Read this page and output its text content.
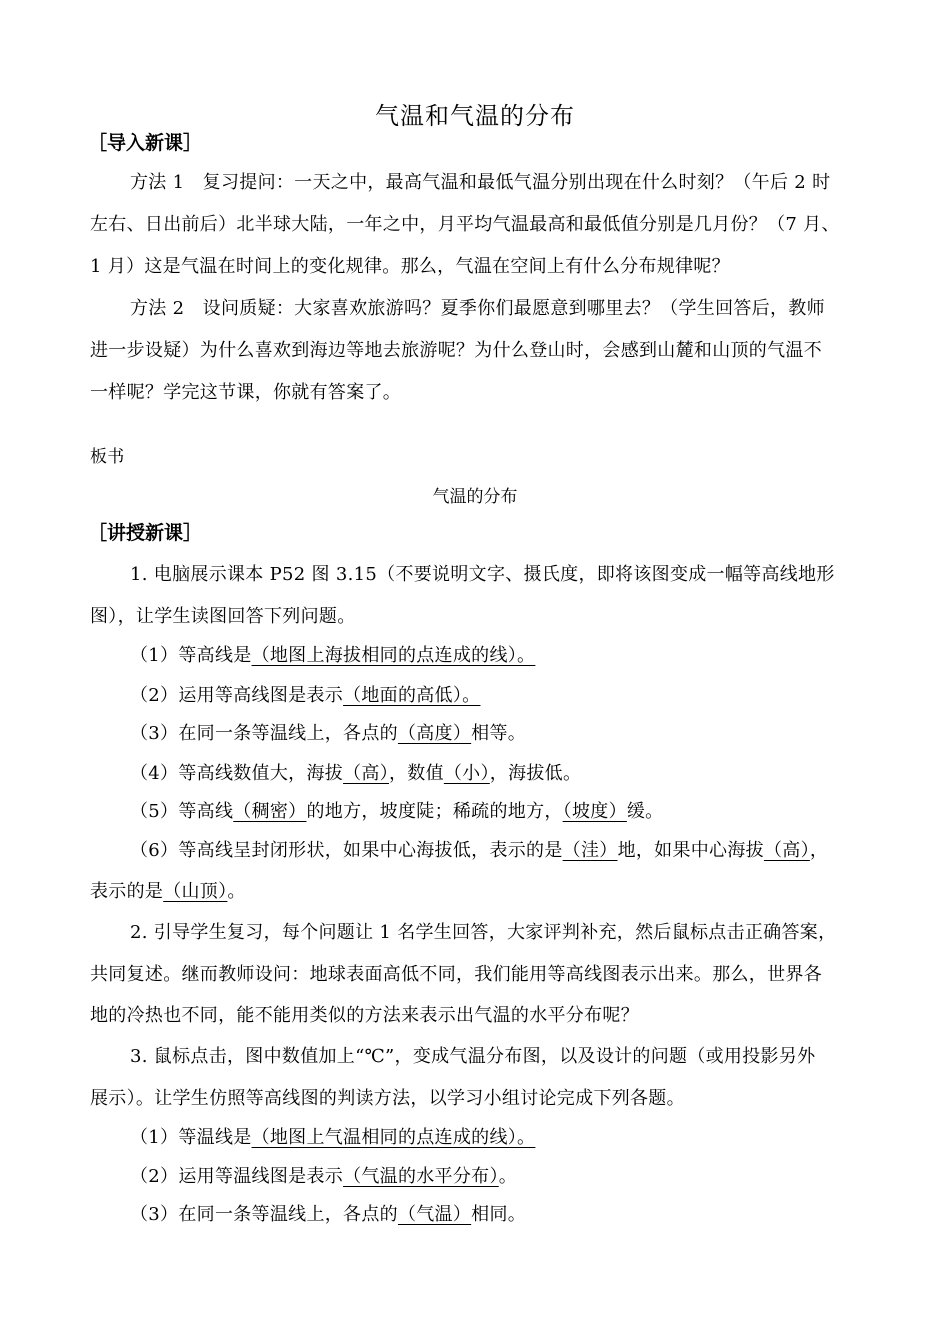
气温和气温的分布
［导入新课］
方法 1　复习提问：一天之中，最高气温和最低气温分别出现在什么时刻？（午后 2 时
左右、日出前后）北半球大陆，一年之中，月平均气温最高和最低值分别是几月份？（7 月、
1 月）这是气温在时间上的变化规律。那么，气温在空间上有什么分布规律呢？
方法 2　设问质疑：大家喜欢旅游吗？夏季你们最愿意到哪里去？（学生回答后，教师
进一步设疑）为什么喜欢到海边等地去旅游呢？为什么登山时，会感到山麓和山顶的气温不
一样呢？学完这节课，你就有答案了。
板书
气温的分布
［讲授新课］
1. 电脑展示课本 P52 图 3.15（不要说明文字、摄氏度，即将该图变成一幅等高线地形
图），让学生读图回答下列问题。
（1）等高线是（地图上海拔相同的点连成的线）。
（2）运用等高线图是表示（地面的高低）。
（3）在同一条等温线上，各点的（高度）相等。
（4）等高线数值大，海拔（高），数值（小），海拔低。
（5）等高线（稠密）的地方，坡度陡；稀疏的地方，（坡度）缓。
（6）等高线呈封闭形状，如果中心海拔低，表示的是（洼）地，如果中心海拔（高），
表示的是（山顶）。
2. 引导学生复习，每个问题让 1 名学生回答，大家评判补充，然后鼠标点击正确答案，
共同复述。继而教师设问：地球表面高低不同，我们能用等高线图表示出来。那么，世界各
地的冷热也不同，能不能用类似的方法来表示出气温的水平分布呢？
3. 鼠标点击，图中数值加上“℃”，变成气温分布图，以及设计的问题（或用投影另外
展示）。让学生仿照等高线图的判读方法，以学习小组讨论完成下列各题。
（1）等温线是（地图上气温相同的点连成的线）。
（2）运用等温线图是表示（气温的水平分布）。
（3）在同一条等温线上，各点的（气温）相同。
